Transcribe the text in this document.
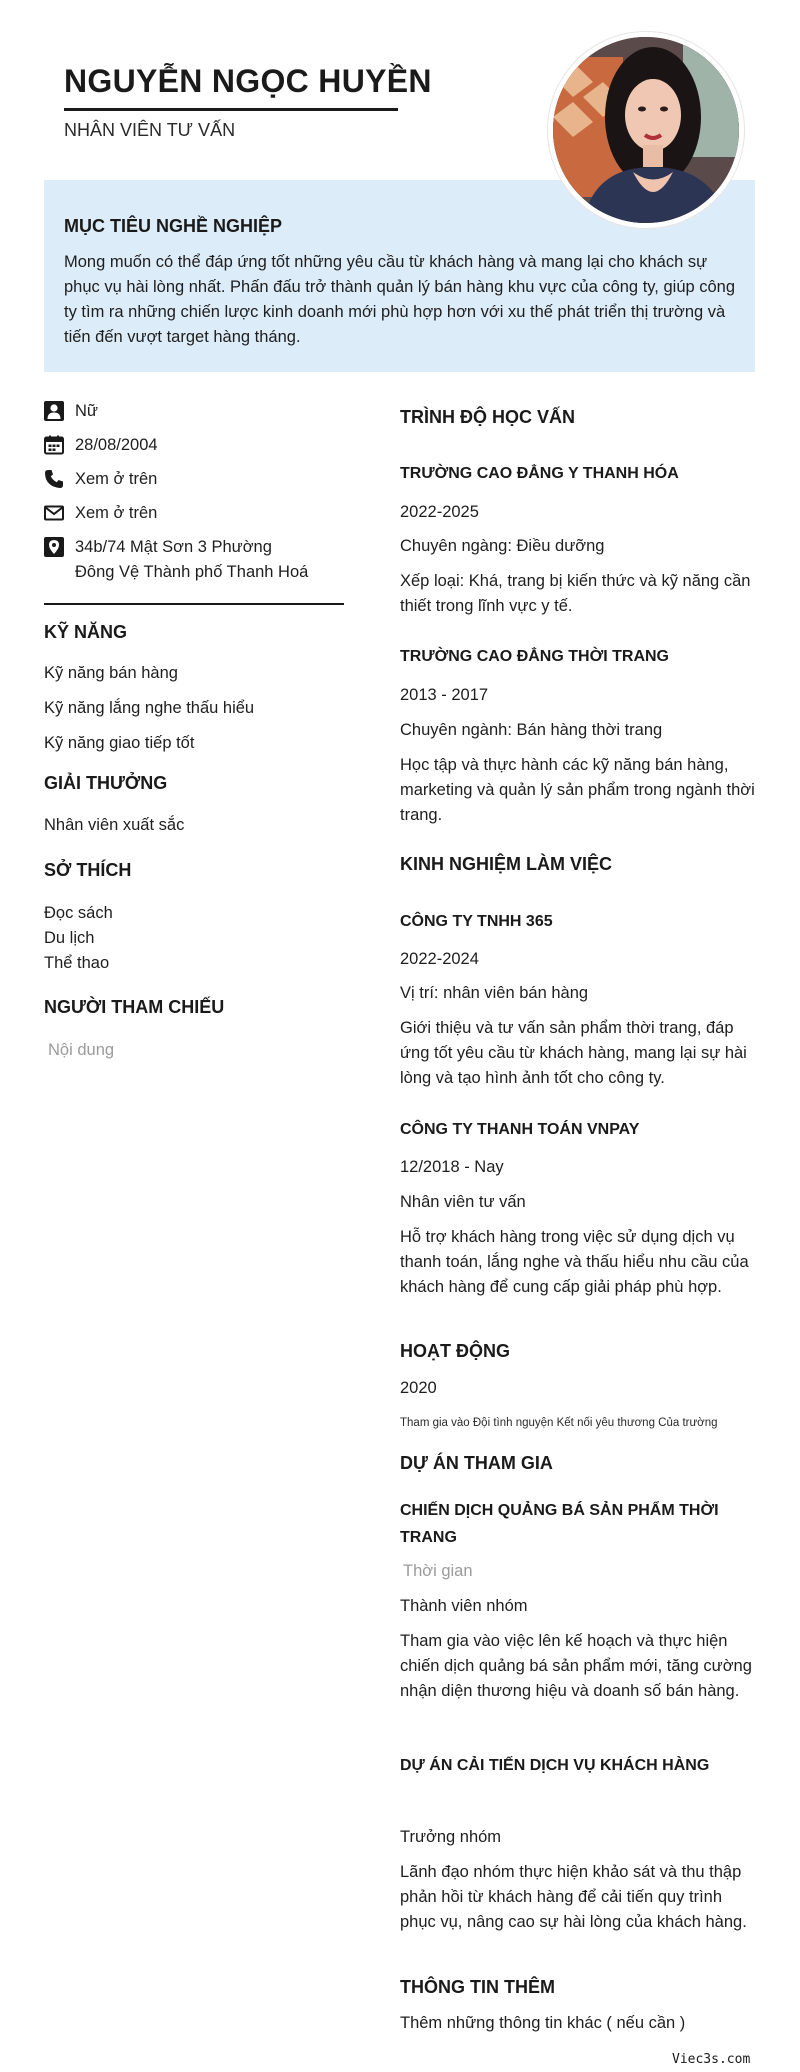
NGUYỄN NGỌC HUYỀN
NHÂN VIÊN TƯ VẤN
MỤC TIÊU NGHỀ NGHIỆP

Mong muốn có thể đáp ứng tốt những yêu cầu từ khách hàng và mang lại cho khách sự phục vụ hài lòng nhất. Phấn đấu trở thành quản lý bán hàng khu vực của công ty, giúp công ty tìm ra những chiến lược kinh doanh mới phù hợp hơn với xu thế phát triển thị trường và tiến đến vượt target hàng tháng.

Nữ
28/08/2004
Xem ở trên
Xem ở trên
34b/74 Mật Sơn 3 Phường
Đông Vệ Thành phố Thanh Hoá
KỸ NĂNG
Kỹ năng bán hàng
Kỹ năng lắng nghe thấu hiểu
Kỹ năng giao tiếp tốt
GIẢI THƯỞNG
Nhân viên xuất sắc
SỞ THÍCH
Đọc sách
Du lịch
Thể thao
NGƯỜI THAM CHIẾU
Nội dung
TRÌNH ĐỘ HỌC VẤN
TRƯỜNG CAO ĐẲNG Y THANH HÓA
2022-2025
Chuyên ngàng: Điều dưỡng
Xếp loại: Khá, trang bị kiến thức và kỹ năng cần thiết trong lĩnh vực y tế.
TRƯỜNG CAO ĐẲNG THỜI TRANG
2013 - 2017
Chuyên ngành: Bán hàng thời trang
Học tập và thực hành các kỹ năng bán hàng, marketing và quản lý sản phẩm trong ngành thời trang.
KINH NGHIỆM LÀM VIỆC
CÔNG TY TNHH 365
2022-2024
Vị trí: nhân viên bán hàng
Giới thiệu và tư vấn sản phẩm thời trang, đáp ứng tốt yêu cầu từ khách hàng, mang lại sự hài lòng và tạo hình ảnh tốt cho công ty.
CÔNG TY THANH TOÁN VNPAY
12/2018 - Nay
Nhân viên tư vấn
Hỗ trợ khách hàng trong việc sử dụng dịch vụ thanh toán, lắng nghe và thấu hiểu nhu cầu của khách hàng để cung cấp giải pháp phù hợp.
HOẠT ĐỘNG
2020
Tham gia vào Đội tình nguyện Kết nối yêu thương Của trường
DỰ ÁN THAM GIA
CHIẾN DỊCH QUẢNG BÁ SẢN PHẨM THỜI TRANG
Thời gian
Thành viên nhóm
Tham gia vào việc lên kế hoạch và thực hiện chiến dịch quảng bá sản phẩm mới, tăng cường nhận diện thương hiệu và doanh số bán hàng.
DỰ ÁN CẢI TIẾN DỊCH VỤ KHÁCH HÀNG
Trưởng nhóm
Lãnh đạo nhóm thực hiện khảo sát và thu thập phản hồi từ khách hàng để cải tiến quy trình phục vụ, nâng cao sự hài lòng của khách hàng.
THÔNG TIN THÊM
Thêm những thông tin khác ( nếu cần )
Viec3s.com
